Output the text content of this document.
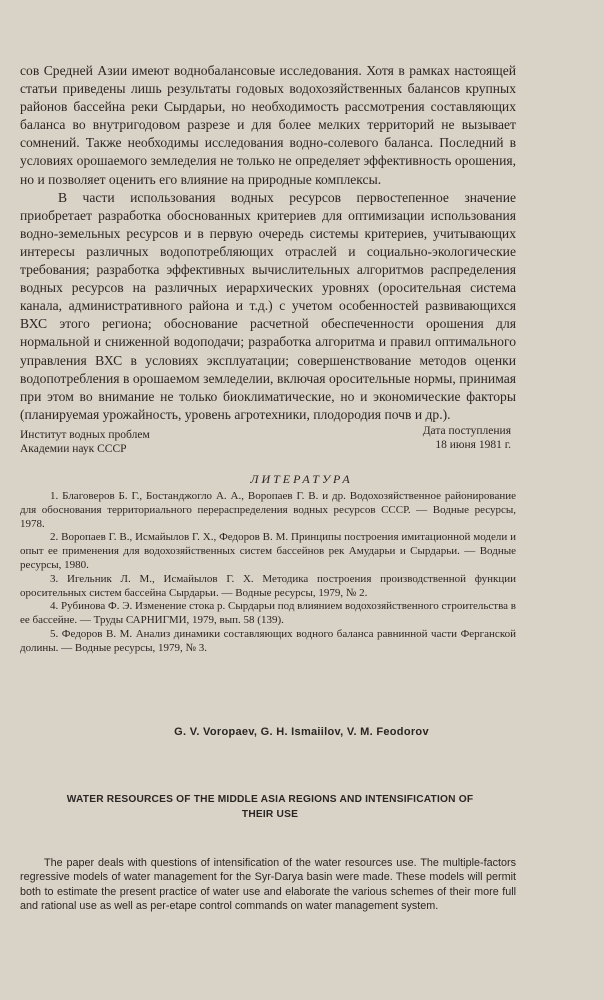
сов Средней Азии имеют воднобалансовые исследования. Хотя в рамках настоящей статьи приведены лишь результаты годовых водохозяйственных балансов крупных районов бассейна реки Сырдарьи, но необходимость рассмотрения составляющих баланса во внутригодовом разрезе и для более мелких территорий не вызывает сомнений. Также необходимы исследования водно-солевого баланса. Последний в условиях орошаемого земледелия не только не определяет эффективность орошения, но и позволяет оценить его влияние на природные комплексы.

В части использования водных ресурсов первостепенное значение приобретает разработка обоснованных критериев для оптимизации использования водно-земельных ресурсов и в первую очередь системы критериев, учитывающих интересы различных водопотребляющих отраслей и социально-экологические требования; разработка эффективных вычислительных алгоритмов распределения водных ресурсов на различных иерархических уровнях (оросительная система канала, административного района и т.д.) с учетом особенностей развивающихся ВХС этого региона; обоснование расчетной обеспеченности орошения для нормальной и сниженной водоподачи; разработка алгоритма и правил оптимального управления ВХС в условиях эксплуатации; совершенствование методов оценки водопотребления в орошаемом земледелии, включая оросительные нормы, принимая при этом во внимание не только биоклиматические, но и экономические факторы (планируемая урожайность, уровень агротехники, плодородия почв и др.).

Институт водных проблем
Академии наук СССР
Дата поступления
18 июня 1981 г.
ЛИТЕРАТУРА

1. Благоверов Б. Г., Бостанджогло А. А., Воропаев Г. В. и др. Водохозяйственное районирование для обоснования территориального перераспределения водных ресурсов СССР. — Водные ресурсы, 1978.

2. Воропаев Г. В., Исмайылов Г. Х., Федоров В. М. Принципы построения имитационной модели и опыт ее применения для водохозяйственных систем бассейнов рек Амударьи и Сырдарьи. — Водные ресурсы, 1980.

3. Игельник Л. М., Исмайылов Г. Х. Методика построения производственной функции оросительных систем бассейна Сырдарьи. — Водные ресурсы, 1979, № 2.

4. Рубинова Ф. Э. Изменение стока р. Сырдарьи под влиянием водохозяйственного строительства в ее бассейне. — Труды САРНИГМИ, 1979, вып. 58 (139).

5. Федоров В. М. Анализ динамики составляющих водного баланса равнинной части Ферганской долины. — Водные ресурсы, 1979, № 3.

G. V. Voropaev, G. H. Ismaiilov, V. M. Feodorov
WATER RESOURCES OF THE MIDDLE ASIA REGIONS AND INTENSIFICATION OF
THEIR USE

The paper deals with questions of intensification of the water resources use. The multiple-factors regressive models of water management for the Syr-Darya basin were made. These models will permit both to estimate the present practice of water use and elaborate the various schemes of their more full and rational use as well as per-etape control commands on water management system.
